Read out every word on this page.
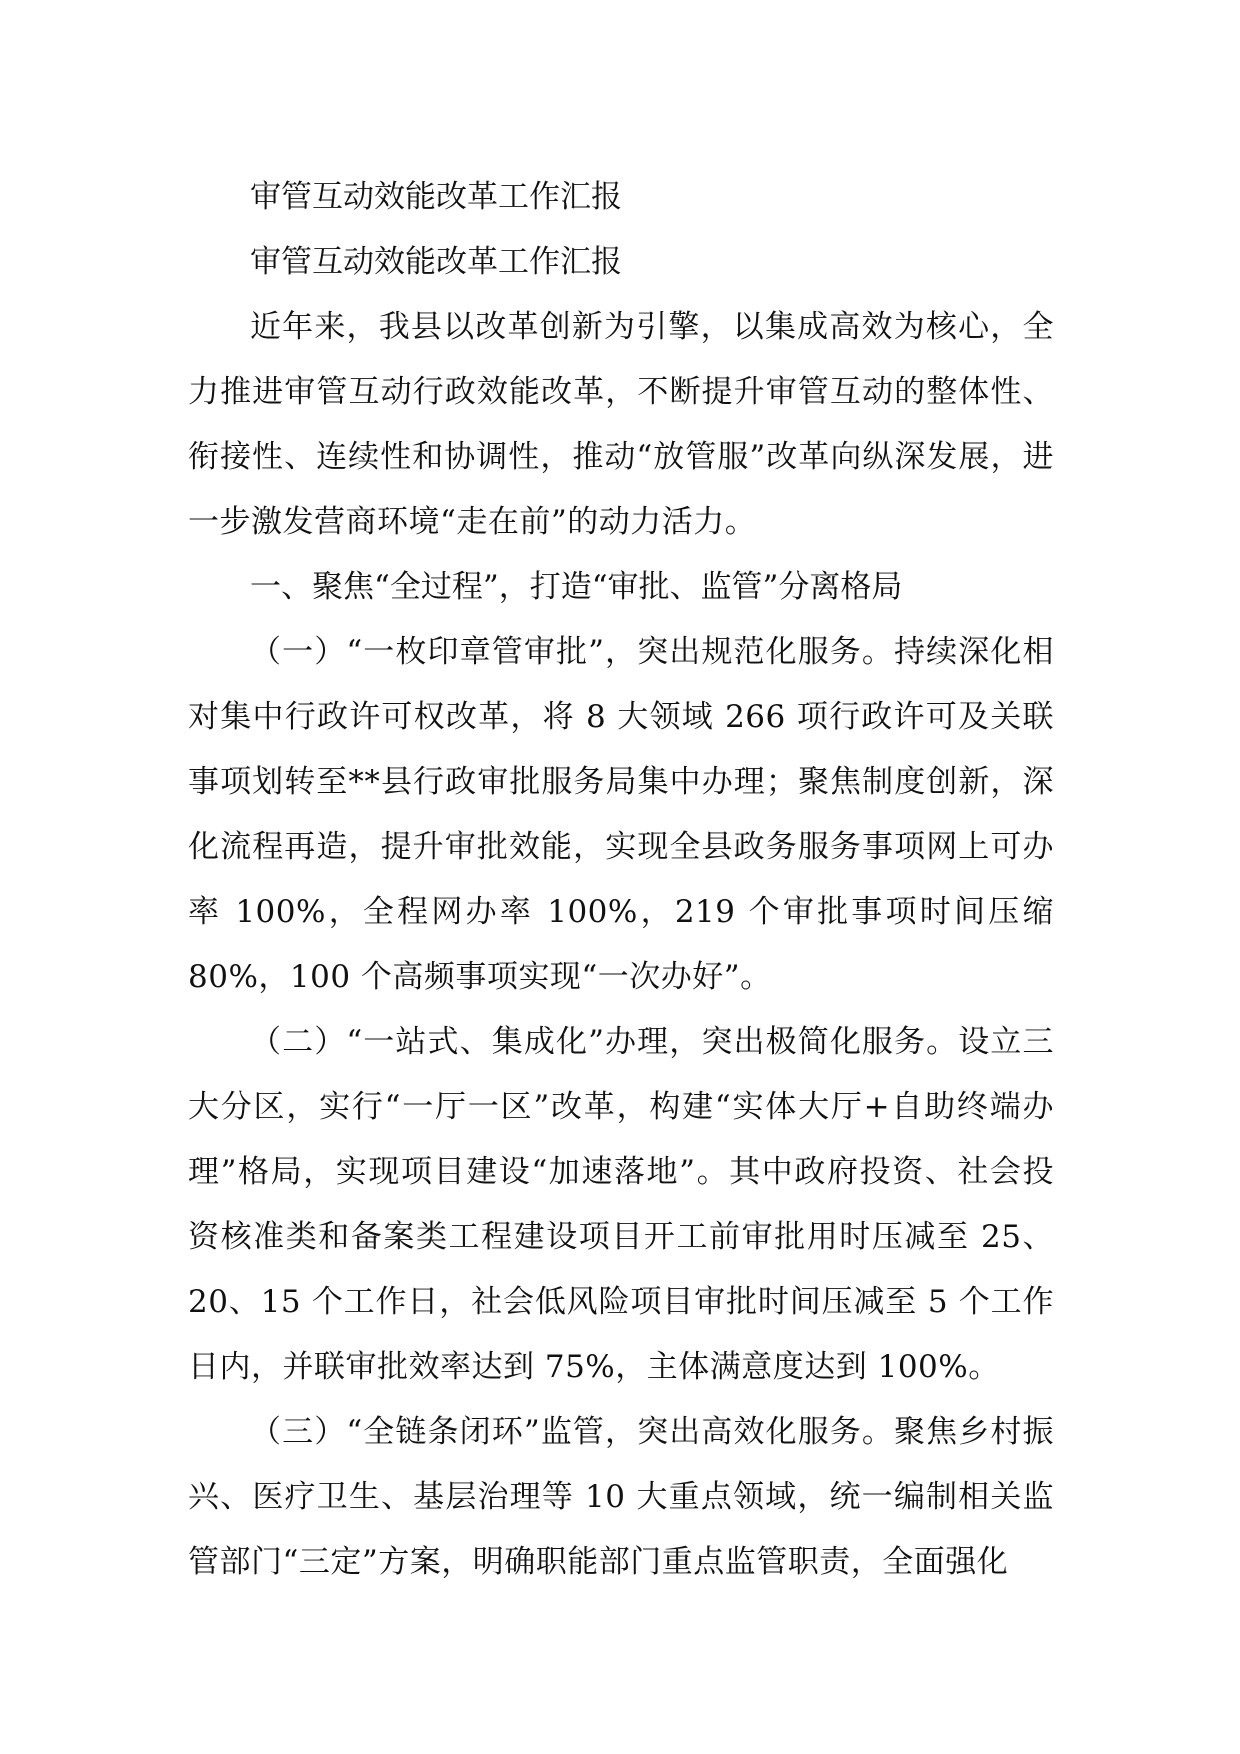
审管互动效能改革工作汇报

审管互动效能改革工作汇报

近年来，我县以改革创新为引擎，以集成高效为核心，全力推进审管互动行政效能改革，不断提升审管互动的整体性、衔接性、连续性和协调性，推动“放管服”改革向纵深发展，进一步激发营商环境“走在前”的动力活力。

一、聚焦“全过程”，打造“审批、监管”分离格局

（一）“一枚印章管审批”，突出规范化服务。持续深化相对集中行政许可权改革，将 8 大领域 266 项行政许可及关联事项划转至**县行政审批服务局集中办理；聚焦制度创新，深化流程再造，提升审批效能，实现全县政务服务事项网上可办率 100%，全程网办率 100%，219 个审批事项时间压缩 80%，100 个高频事项实现“一次办好”。

（二）“一站式、集成化”办理，突出极简化服务。设立三大分区，实行“一厅一区”改革，构建“实体大厅+自助终端办理”格局，实现项目建设“加速落地”。其中政府投资、社会投资核准类和备案类工程建设项目开工前审批用时压减至 25、20、15 个工作日，社会低风险项目审批时间压减至 5 个工作日内，并联审批效率达到 75%，主体满意度达到 100%。

（三）“全链条闭环”监管，突出高效化服务。聚焦乡村振兴、医疗卫生、基层治理等 10 大重点领域，统一编制相关监管部门“三定”方案，明确职能部门重点监管职责，全面强化
